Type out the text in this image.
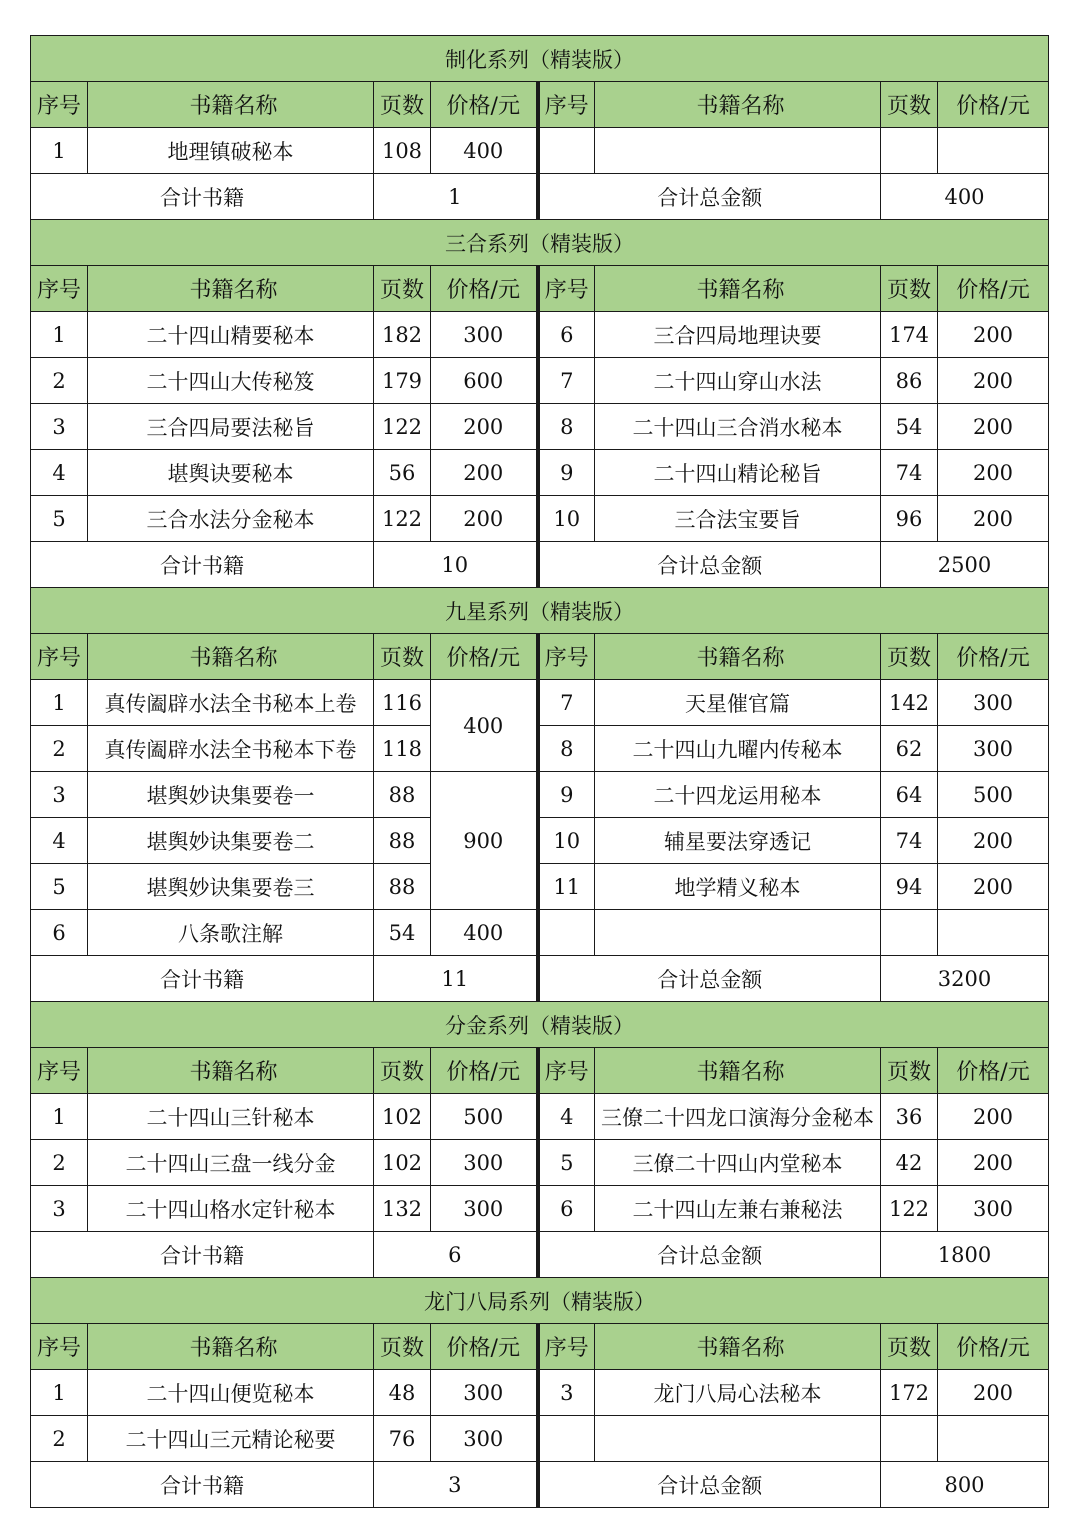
制化系列（精装版）							
序号	书籍名称	页数	价格/元	序号	书籍名称	页数	价格/元
1	地理镇破秘本	108	400				
合计书籍		1		合计总金额		400	
三合系列（精装版）							
序号	书籍名称	页数	价格/元	序号	书籍名称	页数	价格/元
1	二十四山精要秘本	182	300	6	三合四局地理诀要	174	200
2	二十四山大传秘笈	179	600	7	二十四山穿山水法	86	200
3	三合四局要法秘旨	122	200	8	二十四山三合消水秘本	54	200
4	堪舆诀要秘本	56	200	9	二十四山精论秘旨	74	200
5	三合水法分金秘本	122	200	10	三合法宝要旨	96	200
合计书籍		10		合计总金额		2500	
九星系列（精装版）							
序号	书籍名称	页数	价格/元	序号	书籍名称	页数	价格/元
1	真传阖辟水法全书秘本上卷	116	400	7	天星催官篇	142	300
2	真传阖辟水法全书秘本下卷	118		8	二十四山九曜内传秘本	62	300
3	堪舆妙诀集要卷一	88	900	9	二十四龙运用秘本	64	500
4	堪舆妙诀集要卷二	88		10	辅星要法穿透记	74	200
5	堪舆妙诀集要卷三	88		11	地学精义秘本	94	200
6	八条歌注解	54	400				
合计书籍		11		合计总金额		3200	
分金系列（精装版）							
序号	书籍名称	页数	价格/元	序号	书籍名称	页数	价格/元
1	二十四山三针秘本	102	500	4	三僚二十四龙口演海分金秘本	36	200
2	二十四山三盘一线分金	102	300	5	三僚二十四山内堂秘本	42	200
3	二十四山格水定针秘本	132	300	6	二十四山左兼右兼秘法	122	300
合计书籍		6		合计总金额		1800	
龙门八局系列（精装版）							
序号	书籍名称	页数	价格/元	序号	书籍名称	页数	价格/元
1	二十四山便览秘本	48	300	3	龙门八局心法秘本	172	200
2	二十四山三元精论秘要	76	300				
合计书籍		3		合计总金额		800	
